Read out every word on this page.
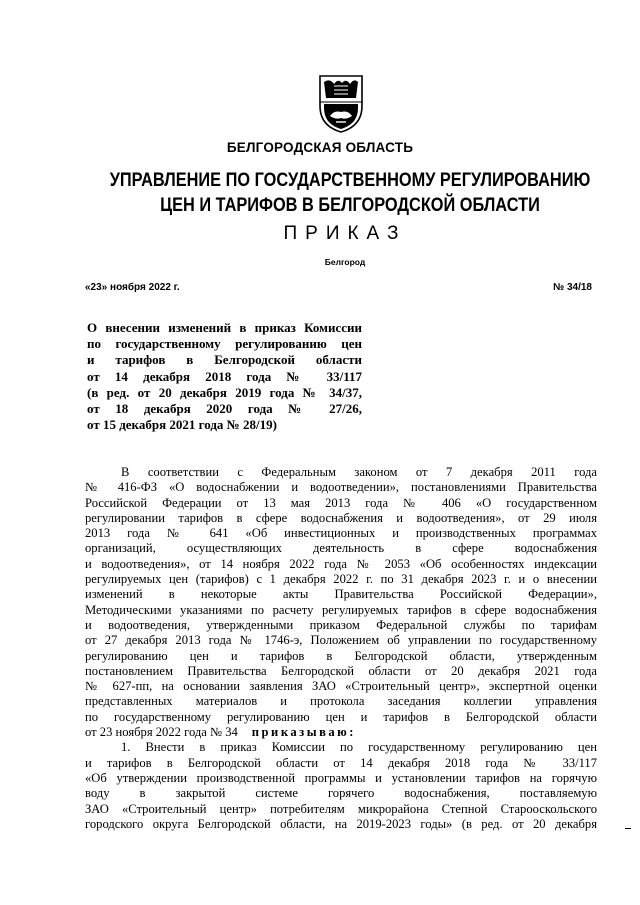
БЕЛГОРОДСКАЯ ОБЛАСТЬ
УПРАВЛЕНИЕ ПО ГОСУДАРСТВЕННОМУ РЕГУЛИРОВАНИЮ
ЦЕН И ТАРИФОВ В БЕЛГОРОДСКОЙ ОБЛАСТИ
ПРИКАЗ
Белгород
«23» ноября 2022 г.	№ 34/18
О внесении изменений в приказ Комиссии
по государственному регулированию цен
и тарифов в Белгородской области
от 14 декабря 2018 года № 33/117
(в ред. от 20 декабря 2019 года № 34/37,
от 18 декабря 2020 года № 27/26,
от 15 декабря 2021 года № 28/19)
В соответствии с Федеральным законом от 7 декабря 2011 года
№ 416-ФЗ «О водоснабжении и водоотведении», постановлениями Правительства
Российской Федерации от 13 мая 2013 года № 406 «О государственном
регулировании тарифов в сфере водоснабжения и водоотведения», от 29 июля
2013 года № 641 «Об инвестиционных и производственных программах
организаций, осуществляющих деятельность в сфере водоснабжения
и водоотведения», от 14 ноября 2022 года № 2053 «Об особенностях индексации
регулируемых цен (тарифов) с 1 декабря 2022 г. по 31 декабря 2023 г. и о внесении
изменений в некоторые акты Правительства Российской Федерации»,
Методическими указаниями по расчету регулируемых тарифов в сфере водоснабжения
и водоотведения, утвержденными приказом Федеральной службы по тарифам
от 27 декабря 2013 года № 1746-э, Положением об управлении по государственному
регулированию цен и тарифов в Белгородской области, утвержденным
постановлением Правительства Белгородской области от 20 декабря 2021 года
№ 627-пп, на основании заявления ЗАО «Строительный центр», экспертной оценки
представленных материалов и протокола заседания коллегии управления
по государственному регулированию цен и тарифов в Белгородской области
от 23 ноября 2022 года № 34 приказываю:
1. Внести в приказ Комиссии по государственному регулированию цен
и тарифов в Белгородской области от 14 декабря 2018 года № 33/117
«Об утверждении производственной программы и установлении тарифов на горячую
воду в закрытой системе горячего водоснабжения, поставляемую
ЗАО «Строительный центр» потребителям микрорайона Степной Старооскольского
городского округа Белгородской области, на 2019-2023 годы» (в ред. от 20 декабря
